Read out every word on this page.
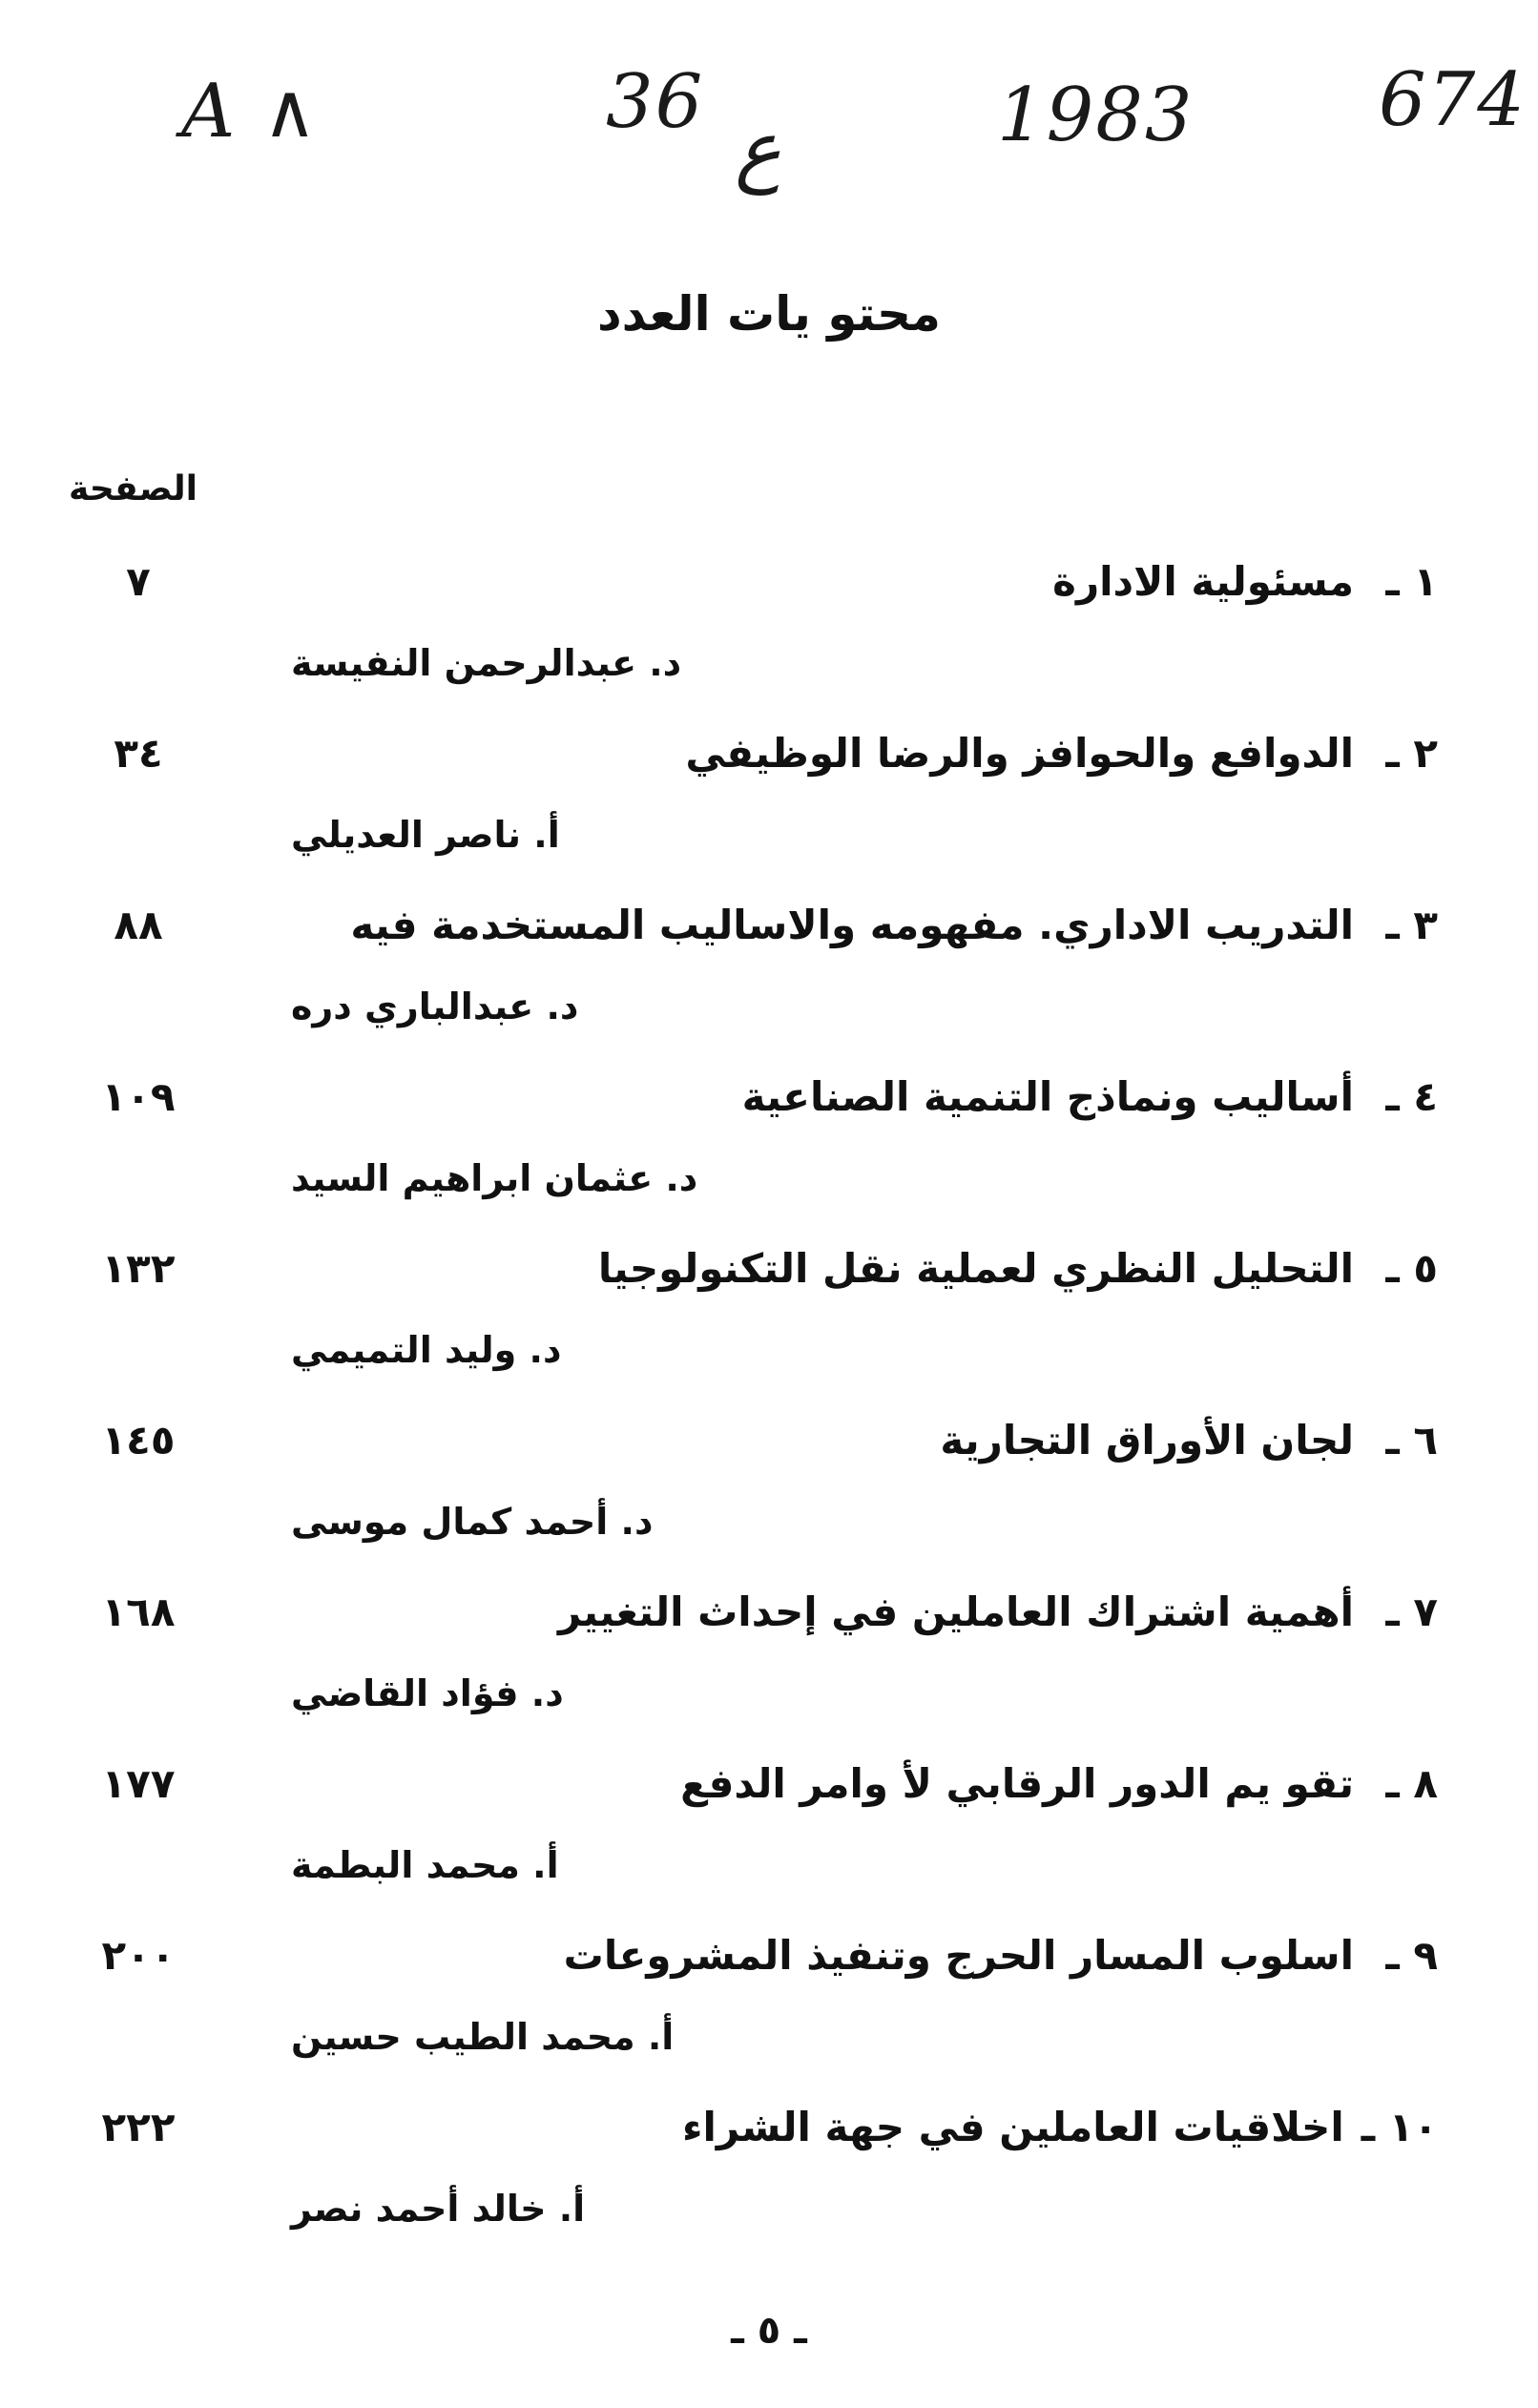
A ∧	36
ع	1983 674
محتو يات العدد
الصفحة
١ ـ
مسئولية الادارة
٧
د. عبدالرحمن النفيسة
٢ ـ
الدوافع والحوافز والرضا الوظيفي
٣٤
أ. ناصر العديلي
٣ ـ
التدريب الاداري. مفهومه والاساليب المستخدمة فيه
٨٨
د. عبدالباري دره
٤ ـ
أساليب ونماذج التنمية الصناعية
١٠٩
د. عثمان ابراهيم السيد
٥ ـ
التحليل النظري لعملية نقل التكنولوجيا
١٣٢
د. وليد التميمي
٦ ـ
لجان الأوراق التجارية
١٤٥
د. أحمد كمال موسى
٧ ـ
أهمية اشتراك العاملين في إحداث التغيير
١٦٨
د. فؤاد القاضي
٨ ـ
تقو يم الدور الرقابي لأ وامر الدفع
١٧٧
أ. محمد البطمة
٩ ـ
اسلوب المسار الحرج وتنفيذ المشروعات
٢٠٠
أ. محمد الطيب حسين
١٠ ـ
اخلاقيات العاملين في جهة الشراء
٢٢٢
أ. خالد أحمد نصر
ـ ٥ ـ
